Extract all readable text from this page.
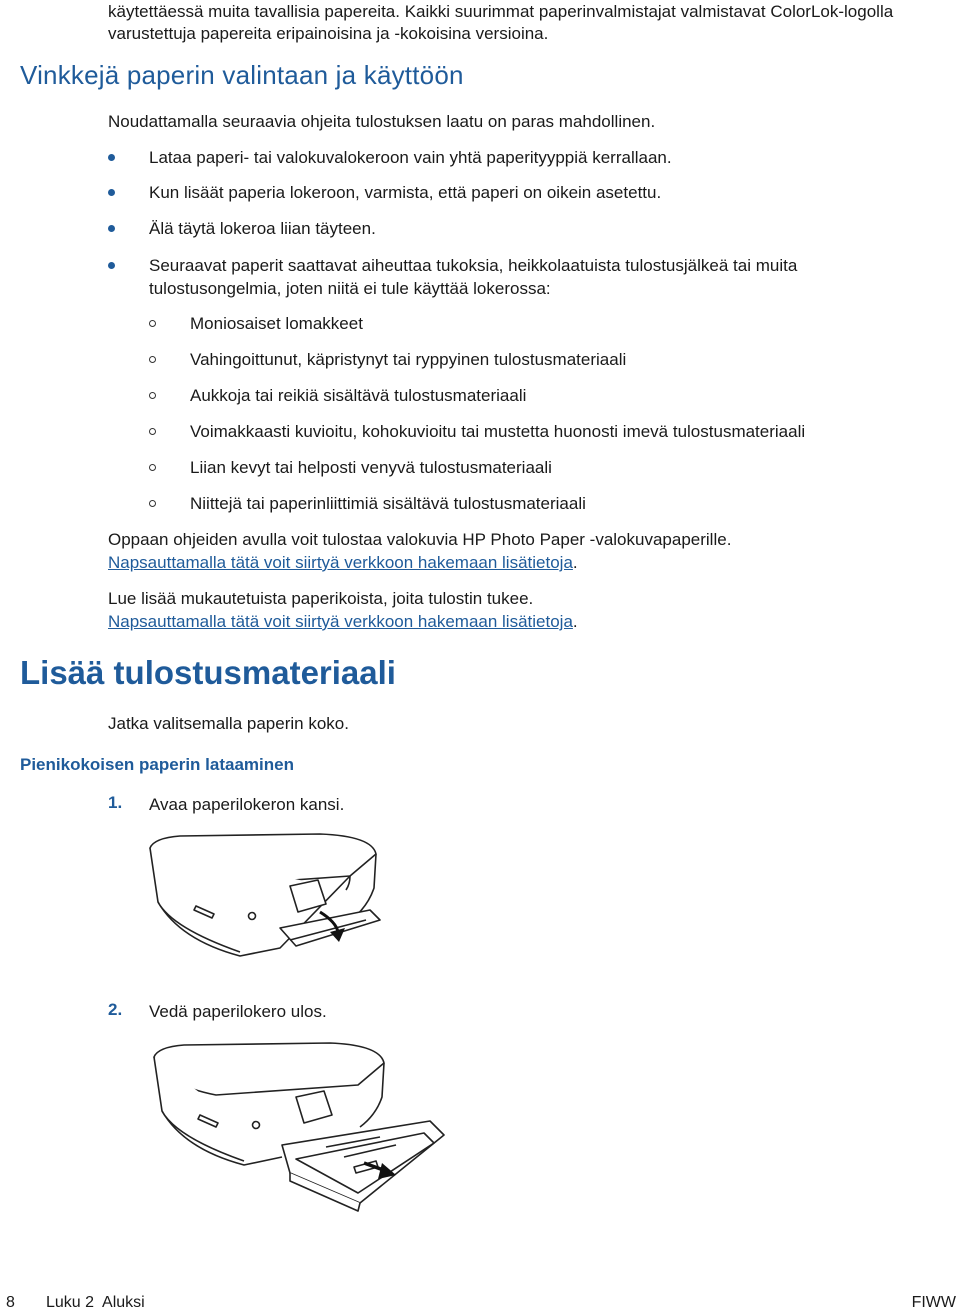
käytettäessä muita tavallisia papereita. Kaikki suurimmat paperinvalmistajat valmistavat ColorLok-logolla
varustettuja papereita eripainoisina ja -kokoisina versioina.
Vinkkejä paperin valintaan ja käyttöön
Noudattamalla seuraavia ohjeita tulostuksen laatu on paras mahdollinen.
Lataa paperi- tai valokuvalokeroon vain yhtä paperityyppiä kerrallaan.
Kun lisäät paperia lokeroon, varmista, että paperi on oikein asetettu.
Älä täytä lokeroa liian täyteen.
Seuraavat paperit saattavat aiheuttaa tukoksia, heikkolaatuista tulostusjälkeä tai muita
tulostusongelmia, joten niitä ei tule käyttää lokerossa:
Moniosaiset lomakkeet
Vahingoittunut, käpristynyt tai ryppyinen tulostusmateriaali
Aukkoja tai reikiä sisältävä tulostusmateriaali
Voimakkaasti kuvioitu, kohokuvioitu tai mustetta huonosti imevä tulostusmateriaali
Liian kevyt tai helposti venyvä tulostusmateriaali
Niittejä tai paperinliittimiä sisältävä tulostusmateriaali
Oppaan ohjeiden avulla voit tulostaa valokuvia HP Photo Paper -valokuvapaperille.
Napsauttamalla tätä voit siirtyä verkkoon hakemaan lisätietoja.
Lue lisää mukautetuista paperikoista, joita tulostin tukee.
Napsauttamalla tätä voit siirtyä verkkoon hakemaan lisätietoja.
Lisää tulostusmateriaali
Jatka valitsemalla paperin koko.
Pienikokoisen paperin lataaminen
1. Avaa paperilokeron kansi.
2. Vedä paperilokero ulos.
8 Luku 2  Aluksi	FIWW
